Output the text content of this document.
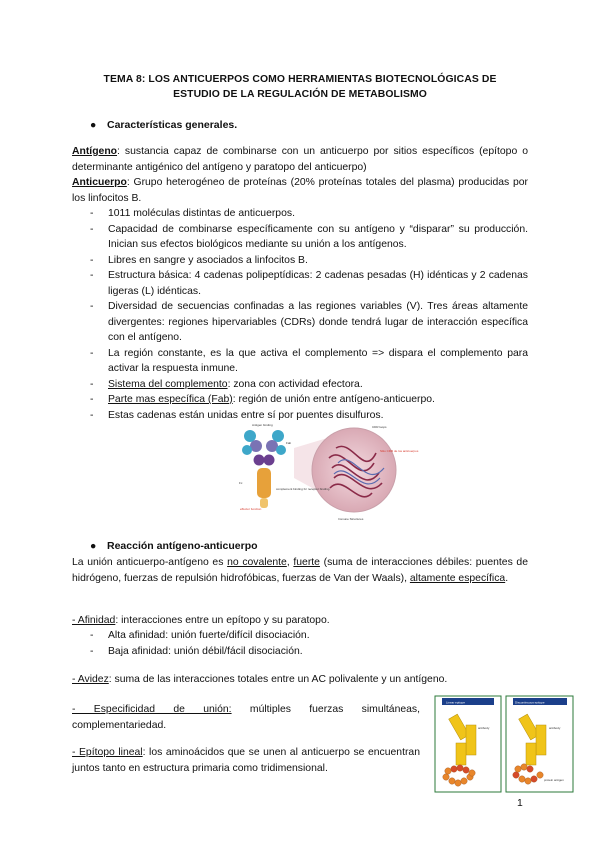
TEMA 8: LOS ANTICUERPOS COMO HERRAMIENTAS BIOTECNOLÓGICAS DE
ESTUDIO DE LA REGULACIÓN DE METABOLISMO
● Características generales.
Antígeno: sustancia capaz de combinarse con un anticuerpo por sitios específicos (epítopo o determinante antigénico del antígeno y paratopo del anticuerpo)
Anticuerpo: Grupo heterogéneo de proteínas (20% proteínas totales del plasma) producidas por los linfocitos B.
- 1011 moléculas distintas de anticuerpos.
- Capacidad de combinarse específicamente con su antígeno y “disparar” su producción. Inician sus efectos biológicos mediante su unión a los antígenos.
- Libres en sangre y asociados a linfocitos B.
- Estructura básica: 4 cadenas polipeptídicas: 2 cadenas pesadas (H) idénticas y 2 cadenas ligeras (L) idénticas.
- Diversidad de secuencias confinadas a las regiones variables (V). Tres áreas altamente divergentes: regiones hipervariables (CDRs) donde tendrá lugar de interacción específica con el antígeno.
- La región constante, es la que activa el complemento => dispara el complemento para activar la respuesta inmune.
- Sistema del complemento: zona con actividad efectora.
- Parte mas específica (Fab): región de unión entre antígeno-anticuerpo.
- Estas cadenas están unidas entre sí por puentes disulfuros.
Antigen binding	CDR loops
Fab
Fc
Sitio CDR de los anticuerpos
complement binding Fc receptor binding
effector function
Immune Structures
● Reacción antígeno-anticuerpo
La unión anticuerpo-antígeno es no covalente, fuerte (suma de interacciones débiles: puentes de hidrógeno, fuerzas de repulsión hidrofóbicas, fuerzas de Van der Waals), altamente específica.
- Afinidad: interacciones entre un epítopo y su paratopo.
- Alta afinidad: unión fuerte/difícil disociación.
- Baja afinidad: unión débil/fácil disociación.
- Avidez: suma de las interacciones totales entre un AC polivalente y un antígeno.
- Especificidad de unión: múltiples fuerzas simultáneas, complementariedad.
- Epítopo lineal: los aminoácidos que se unen al anticuerpo se encuentran juntos tanto en estructura primaria como tridimensional.
Linear epitope	Discontinuous epitope
antibody	antibody
protein antigen
1
